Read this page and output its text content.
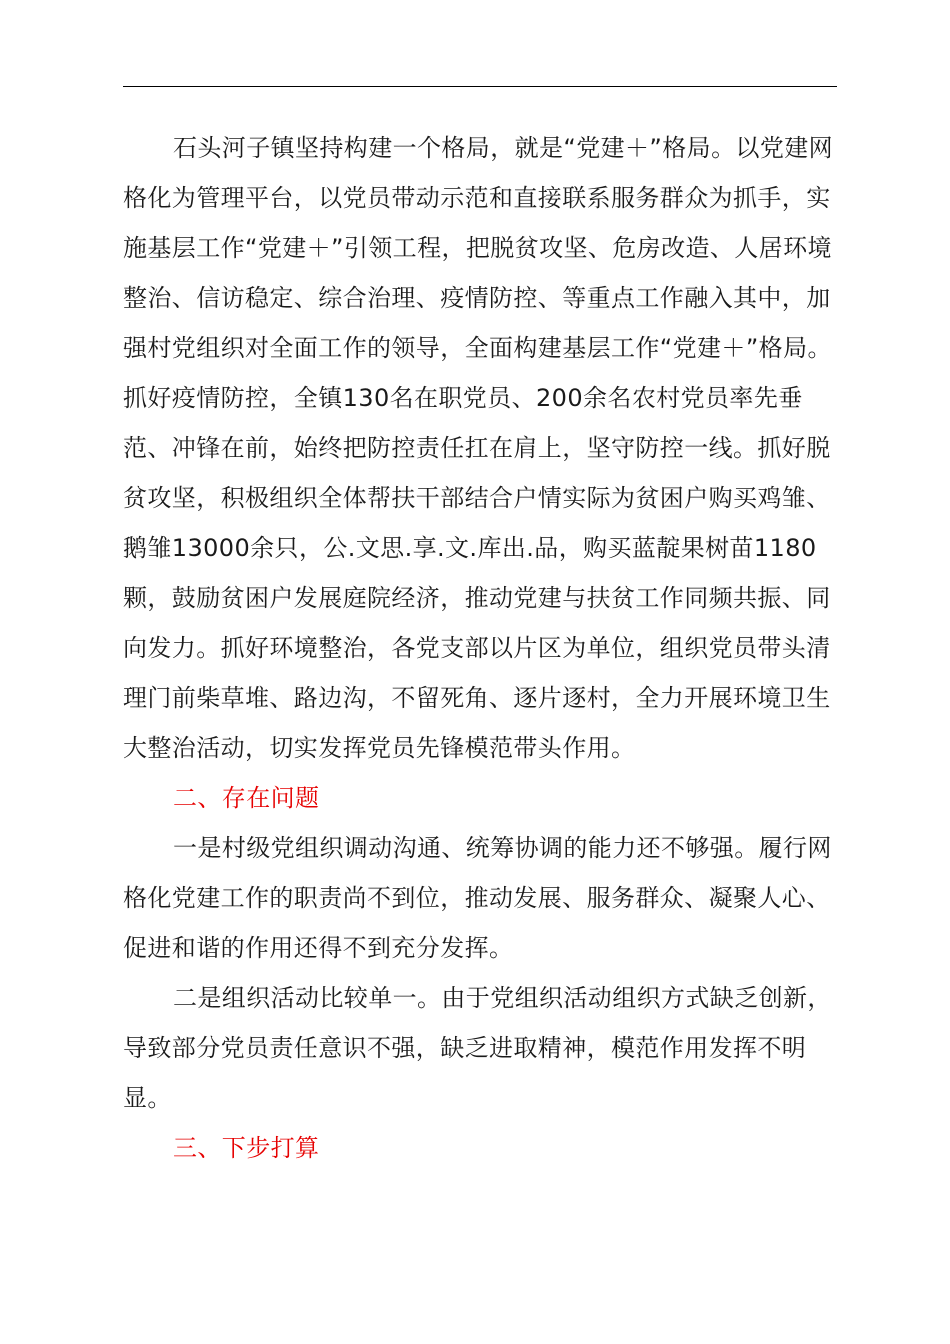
石头河子镇坚持构建一个格局，就是“党建＋”格局。以党建网格化为管理平台，以党员带动示范和直接联系服务群众为抓手，实施基层工作“党建＋”引领工程，把脱贫攻坚、危房改造、人居环境整治、信访稳定、综合治理、疫情防控、等重点工作融入其中，加强村党组织对全面工作的领导，全面构建基层工作“党建＋”格局。抓好疫情防控，全镇130名在职党员、200余名农村党员率先垂范、冲锋在前，始终把防控责任扛在肩上，坚守防控一线。抓好脱贫攻坚，积极组织全体帮扶干部结合户情实际为贫困户购买鸡雏、鹅雏13000余只，公.文思.享.文.库出.品，购买蓝靛果树苗1180颗，鼓励贫困户发展庭院经济，推动党建与扶贫工作同频共振、同向发力。抓好环境整治，各党支部以片区为单位，组织党员带头清理门前柴草堆、路边沟，不留死角、逐片逐村，全力开展环境卫生大整治活动，切实发挥党员先锋模范带头作用。

二、存在问题

一是村级党组织调动沟通、统筹协调的能力还不够强。履行网格化党建工作的职责尚不到位，推动发展、服务群众、凝聚人心、促进和谐的作用还得不到充分发挥。

二是组织活动比较单一。由于党组织活动组织方式缺乏创新，导致部分党员责任意识不强，缺乏进取精神，模范作用发挥不明显。

三、下步打算
